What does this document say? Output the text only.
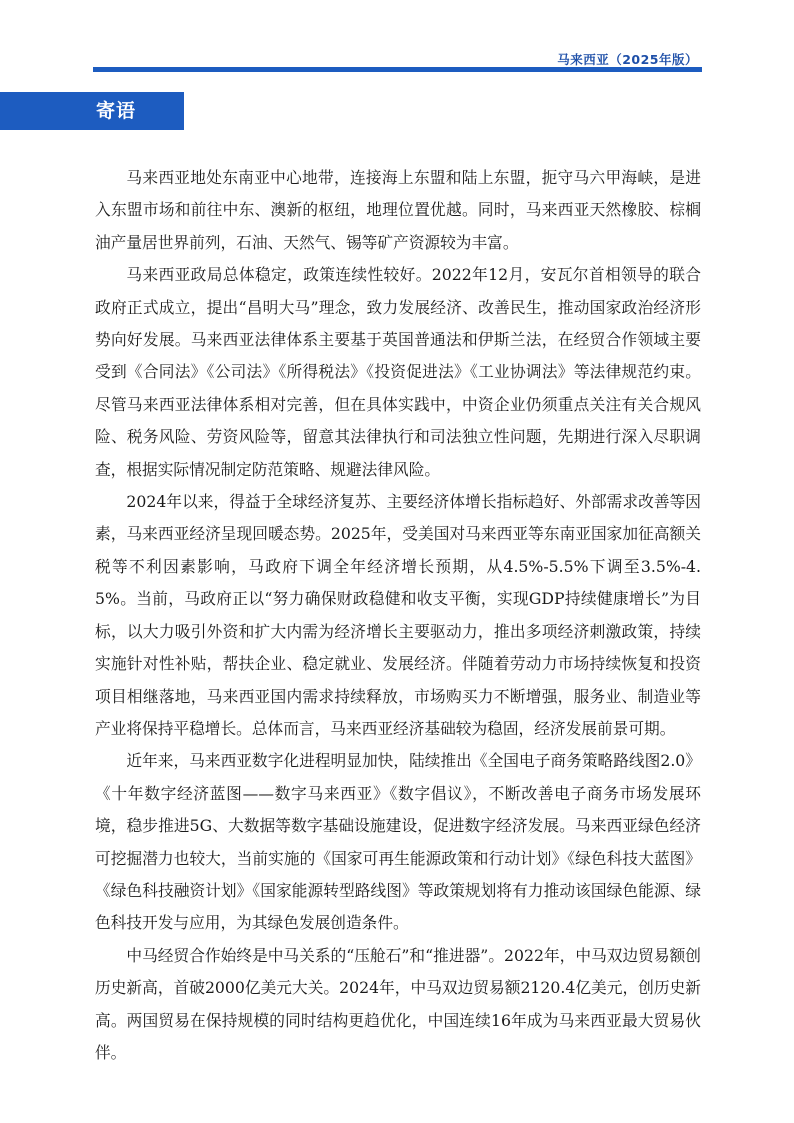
马来西亚（2025年版）
寄语

马来西亚地处东南亚中心地带，连接海上东盟和陆上东盟，扼守马六甲海峡，是进入东盟市场和前往中东、澳新的枢纽，地理位置优越。同时，马来西亚天然橡胶、棕榈油产量居世界前列，石油、天然气、锡等矿产资源较为丰富。

马来西亚政局总体稳定，政策连续性较好。2022年12月，安瓦尔首相领导的联合政府正式成立，提出“昌明大马”理念，致力发展经济、改善民生，推动国家政治经济形势向好发展。马来西亚法律体系主要基于英国普通法和伊斯兰法，在经贸合作领域主要受到《合同法》《公司法》《所得税法》《投资促进法》《工业协调法》等法律规范约束。尽管马来西亚法律体系相对完善，但在具体实践中，中资企业仍须重点关注有关合规风险、税务风险、劳资风险等，留意其法律执行和司法独立性问题，先期进行深入尽职调查，根据实际情况制定防范策略、规避法律风险。

2024年以来，得益于全球经济复苏、主要经济体增长指标趋好、外部需求改善等因素，马来西亚经济呈现回暖态势。2025年，受美国对马来西亚等东南亚国家加征高额关税等不利因素影响，马政府下调全年经济增长预期，从4.5%-5.5%下调至3.5%-4.5%。当前，马政府正以“努力确保财政稳健和收支平衡，实现GDP持续健康增长”为目标，以大力吸引外资和扩大内需为经济增长主要驱动力，推出多项经济刺激政策，持续实施针对性补贴，帮扶企业、稳定就业、发展经济。伴随着劳动力市场持续恢复和投资项目相继落地，马来西亚国内需求持续释放，市场购买力不断增强，服务业、制造业等产业将保持平稳增长。总体而言，马来西亚经济基础较为稳固，经济发展前景可期。

近年来，马来西亚数字化进程明显加快，陆续推出《全国电子商务策略路线图2.0》《十年数字经济蓝图——数字马来西亚》《数字倡议》，不断改善电子商务市场发展环境，稳步推进5G、大数据等数字基础设施建设，促进数字经济发展。马来西亚绿色经济可挖掘潜力也较大，当前实施的《国家可再生能源政策和行动计划》《绿色科技大蓝图》《绿色科技融资计划》《国家能源转型路线图》等政策规划将有力推动该国绿色能源、绿色科技开发与应用，为其绿色发展创造条件。

中马经贸合作始终是中马关系的“压舱石”和“推进器”。2022年，中马双边贸易额创历史新高，首破2000亿美元大关。2024年，中马双边贸易额2120.4亿美元，创历史新高。两国贸易在保持规模的同时结构更趋优化，中国连续16年成为马来西亚最大贸易伙伴。
